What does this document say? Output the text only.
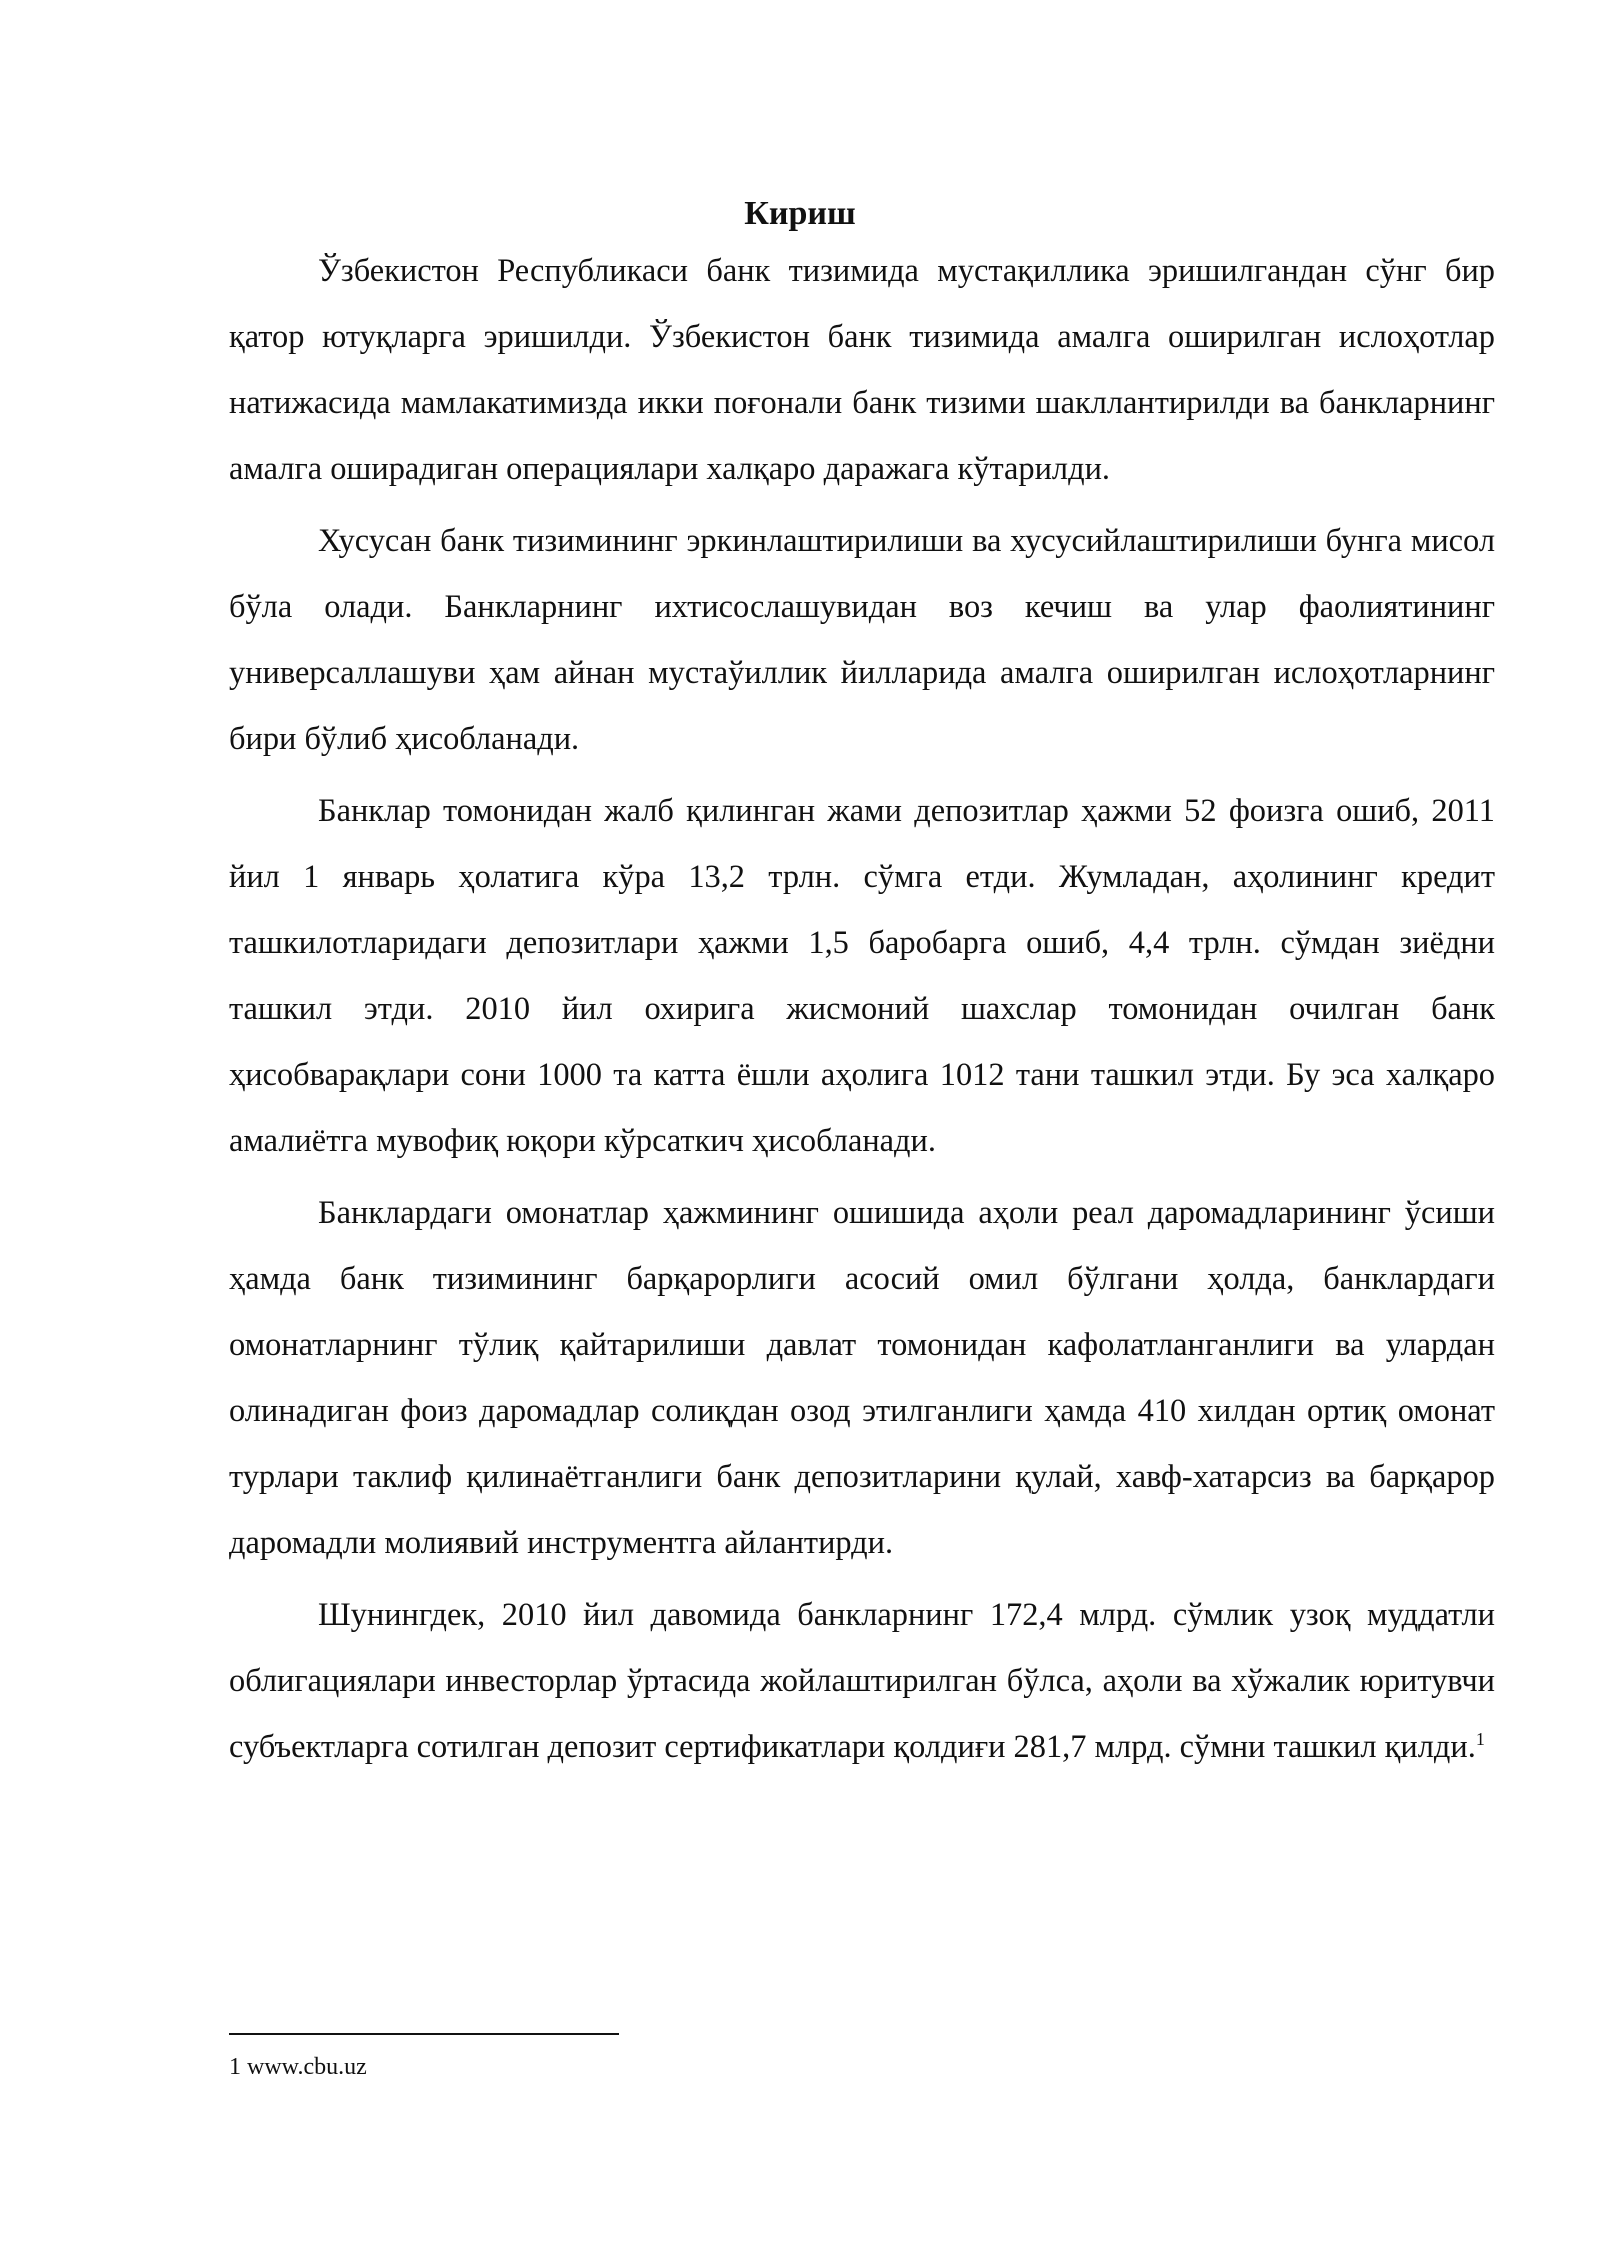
Кириш

Ўзбекистон Республикаси банк тизимида мустақиллика эришилгандан сўнг бир қатор ютуқларга эришилди. Ўзбекистон банк тизимида амалга оширилган ислоҳотлар натижасида мамлакатимизда икки поғонали банк тизими шакллантирилди ва банкларнинг амалга оширадиган операциялари халқаро даражага кўтарилди.

Хусусан банк тизимининг эркинлаштирилиши ва хусусийлаштирилиши бунга мисол бўла олади. Банкларнинг ихтисослашувидан воз кечиш ва улар фаолиятининг универсаллашуви ҳам айнан мустаўиллик йилларида амалга оширилган ислоҳотларнинг бири бўлиб ҳисобланади.

Банклар томонидан жалб қилинган жами депозитлар ҳажми 52 фоизга ошиб, 2011 йил 1 январь ҳолатига кўра 13,2 трлн. сўмга етди. Жумладан, аҳолининг кредит ташкилотларидаги депозитлари ҳажми 1,5 баробарга ошиб, 4,4 трлн. сўмдан зиёдни ташкил этди. 2010 йил охирига жисмоний шахслар томонидан очилган банк ҳисобварақлари сони 1000 та катта ёшли аҳолига 1012 тани ташкил этди. Бу эса халқаро амалиётга мувофиқ юқори кўрсаткич ҳисобланади.

Банклардаги омонатлар ҳажмининг ошишида аҳоли реал даромадларининг ўсиши ҳамда банк тизимининг барқарорлиги асосий омил бўлгани ҳолда, банклардаги омонатларнинг тўлиқ қайтарилиши давлат томонидан кафолатланганлиги ва улардан олинадиган фоиз даромадлар солиқдан озод этилганлиги ҳамда 410 хилдан ортиқ омонат турлари таклиф қилинаётганлиги банк депозитларини қулай, хавф-хатарсиз ва барқарор даромадли молиявий инструментга айлантирди.

Шунингдек, 2010 йил давомида банкларнинг 172,4 млрд. сўмлик узоқ муддатли облигациялари инвесторлар ўртасида жойлаштирилган бўлса, аҳоли ва хўжалик юритувчи субъектларга сотилган депозит сертификатлари қолдиғи 281,7 млрд. сўмни ташкил қилди.$^1$

1 www.cbu.uz
